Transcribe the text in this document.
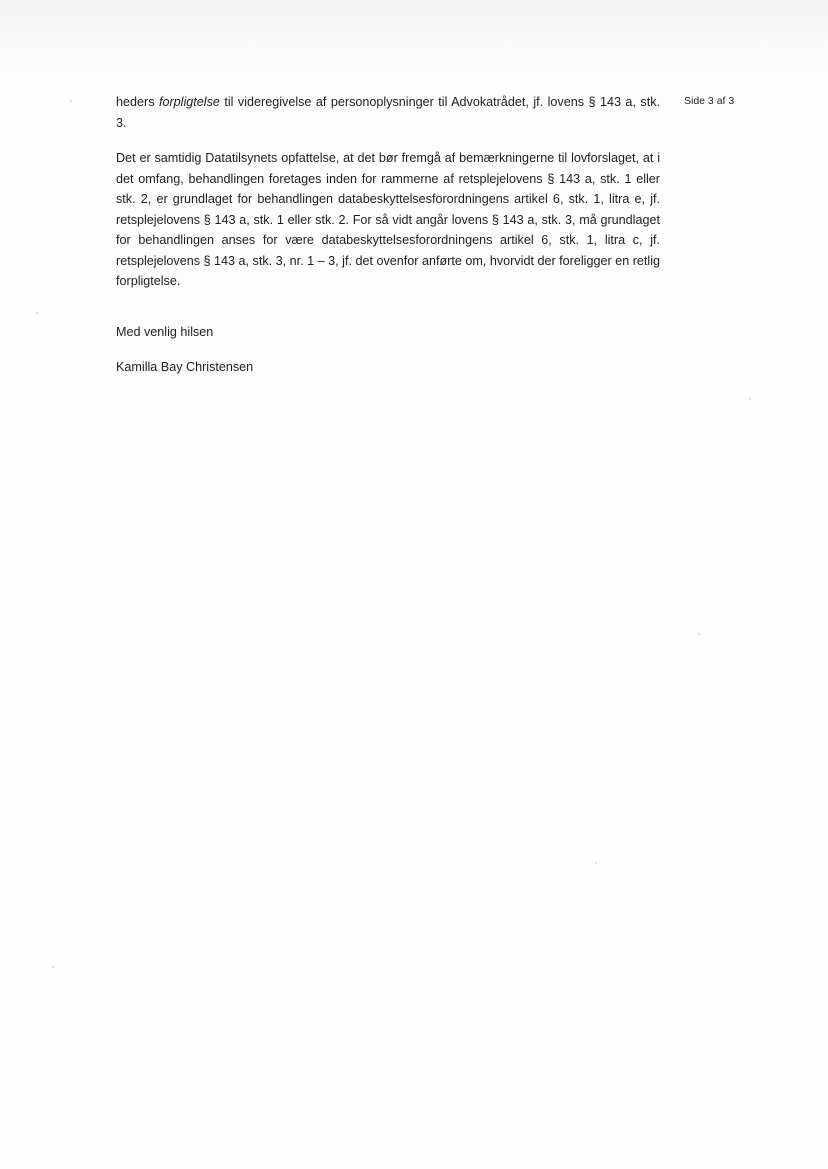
Side 3 af 3

heders forpligtelse til videregivelse af personoplysninger til Advokatrådet, jf. lovens § 143 a, stk. 3.

Det er samtidig Datatilsynets opfattelse, at det bør fremgå af bemærkningerne til lovforslaget, at i det omfang, behandlingen foretages inden for rammerne af retsplejelovens § 143 a, stk. 1 eller stk. 2, er grundlaget for behandlingen databeskyttelsesforordningens artikel 6, stk. 1, litra e, jf. retsplejelovens § 143 a, stk. 1 eller stk. 2. For så vidt angår lovens § 143 a, stk. 3, må grundlaget for behandlingen anses for være databeskyttelsesforordningens artikel 6, stk. 1, litra c, jf. retsplejelovens § 143 a, stk. 3, nr. 1 – 3, jf. det ovenfor anførte om, hvorvidt der foreligger en retlig forpligtelse.

Med venlig hilsen

Kamilla Bay Christensen
